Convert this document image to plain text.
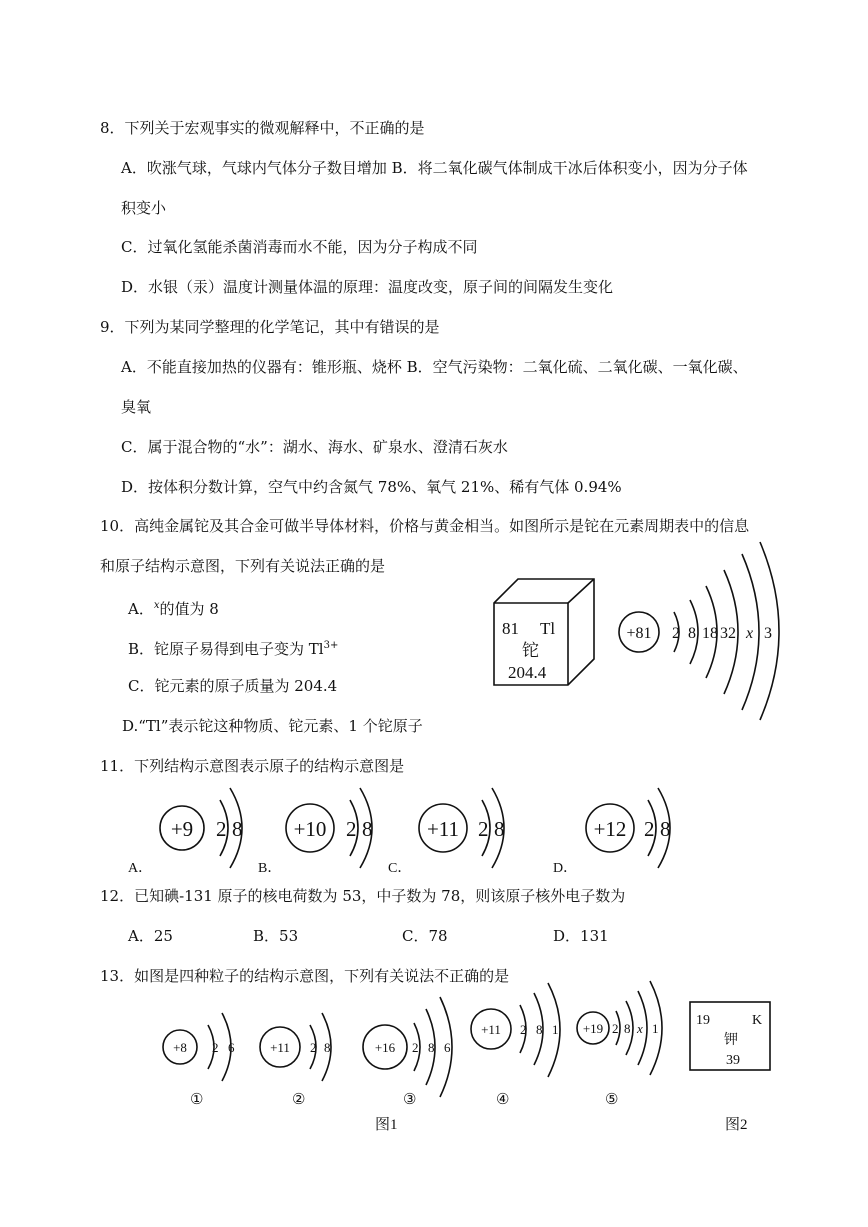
8．下列关于宏观事实的微观解释中，不正确的是
A．吹涨气球，气球内气体分子数目增加 B．将二氧化碳气体制成干冰后体积变小，因为分子体
积变小
C．过氧化氢能杀菌消毒而水不能，因为分子构成不同
D．水银（汞）温度计测量体温的原理：温度改变，原子间的间隔发生变化
9．下列为某同学整理的化学笔记，其中有错误的是
A．不能直接加热的仪器有：锥形瓶、烧杯 B．空气污染物：二氧化硫、二氧化碳、一氧化碳、
臭氧
C．属于混合物的“水”：湖水、海水、矿泉水、澄清石灰水
D．按体积分数计算，空气中约含氮气 78%、氧气 21%、稀有气体 0.94%
10．高纯金属铊及其合金可做半导体材料，价格与黄金相当。如图所示是铊在元素周期表中的信息
和原子结构示意图，下列有关说法正确的是
A．$^x$的值为 8
B．铊原子易得到电子变为 $Tl^{3+}$
C．铊元素的原子质量为 204.4
D.“Tl”表示铊这种物质、铊元素、1 个铊原子
81 Tl
铊
204.4
+81 2 8 18 32 x 3
11．下列结构示意图表示原子的结构示意图是
+9 2 8
A．
+10 2 8
B．
+11 2 8
C．
+12 2 8
D．
12．已知碘-131 原子的核电荷数为 53，中子数为 78，则该原子核外电子数为
A．25	B．53	C．78	D．131
13．如图是四种粒子的结构示意图，下列有关说法不正确的是
+8 2 6
①
+11 2 8
②
+16 2 8 6
③
+11 2 8 1
④
+19 2 8 x 1
⑤
图1	图2
19	K
钾
39
